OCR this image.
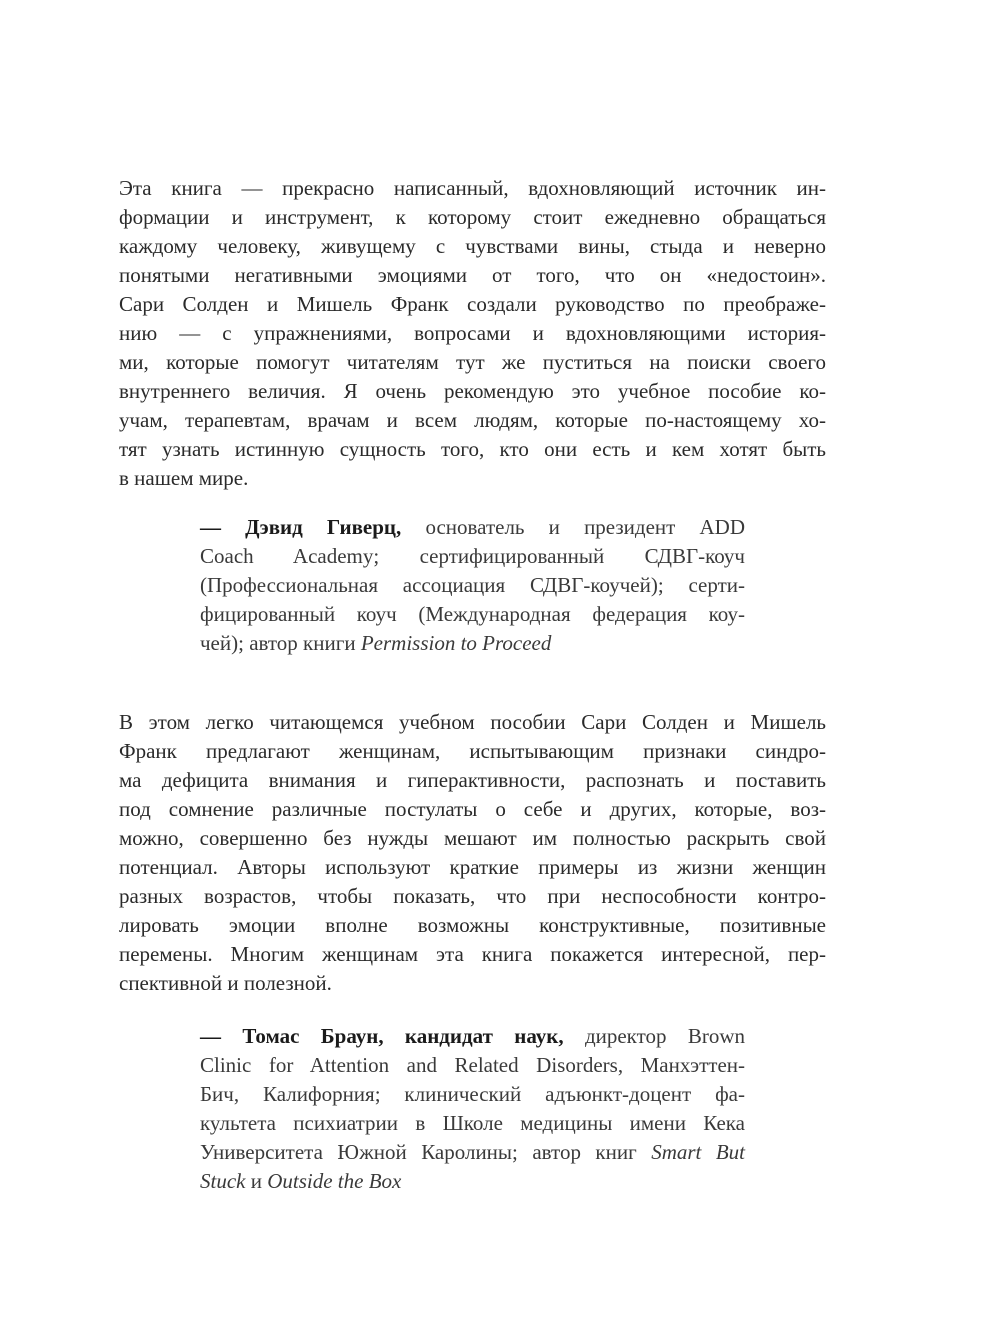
Эта книга — прекрасно написанный, вдохновляющий источник ин-
формации и инструмент, к которому стоит ежедневно обращаться
каждому человеку, живущему с чувствами вины, стыда и неверно
понятыми негативными эмоциями от того, что он «недостоин».
Сари Солден и Мишель Франк создали руководство по преображе-
нию — с упражнениями, вопросами и вдохновляющими история-
ми, которые помогут читателям тут же пуститься на поиски своего
внутреннего величия. Я очень рекомендую это учебное пособие ко-
учам, терапевтам, врачам и всем людям, которые по-настоящему хо-
тят узнать истинную сущность того, кто они есть и кем хотят быть
в нашем мире.
— Дэвид Гиверц, основатель и президент ADD
Coach Academy; сертифицированный СДВГ-коуч
(Профессиональная ассоциация СДВГ-коучей); серти-
фицированный коуч (Международная федерация коу-
чей); автор книги Permission to Proceed
В этом легко читающемся учебном пособии Сари Солден и Мишель
Франк предлагают женщинам, испытывающим признаки синдро-
ма дефицита внимания и гиперактивности, распознать и поставить
под сомнение различные постулаты о себе и других, которые, воз-
можно, совершенно без нужды мешают им полностью раскрыть свой
потенциал. Авторы используют краткие примеры из жизни женщин
разных возрастов, чтобы показать, что при неспособности контро-
лировать эмоции вполне возможны конструктивные, позитивные
перемены. Многим женщинам эта книга покажется интересной, пер-
спективной и полезной.
— Томас Браун, кандидат наук, директор Brown
Clinic for Attention and Related Disorders, Манхэттен-
Бич, Калифорния; клинический адъюнкт-доцент фа-
культета психиатрии в Школе медицины имени Кека
Университета Южной Каролины; автор книг Smart But
Stuck и Outside the Box
